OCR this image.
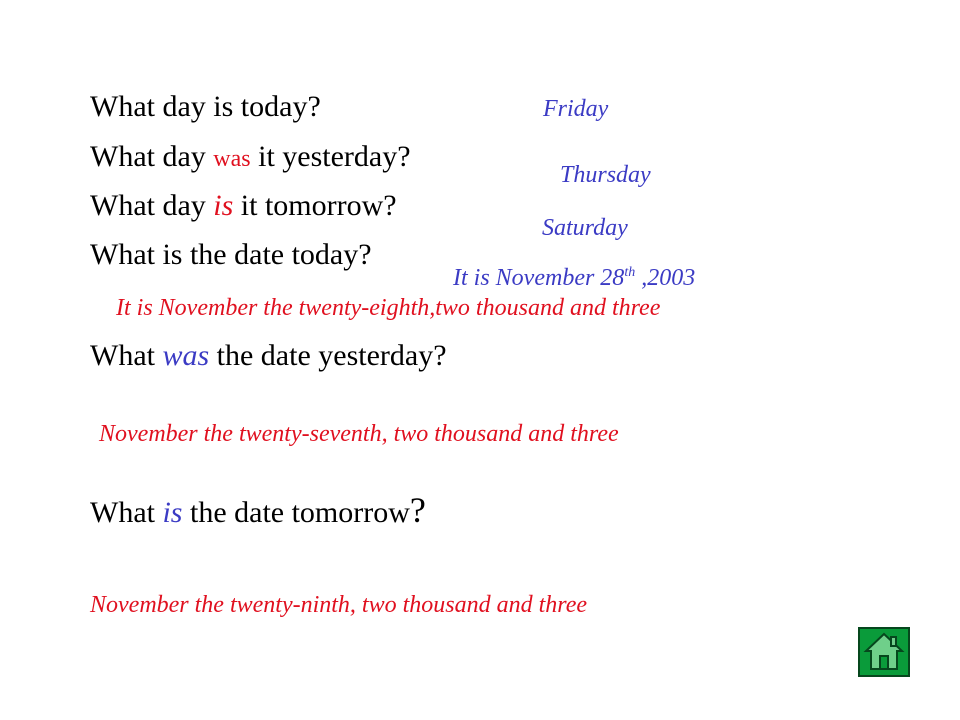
What day is today?
What day was it yesterday?
What day is it tomorrow?
What is the date today?
What was the date yesterday?
What is the date tomorrow?
Friday
Thursday
Saturday
It is November 28th ,2003
It is November the twenty-eighth,two thousand and three
November the twenty-seventh, two thousand and three
November the twenty-ninth, two thousand and three
